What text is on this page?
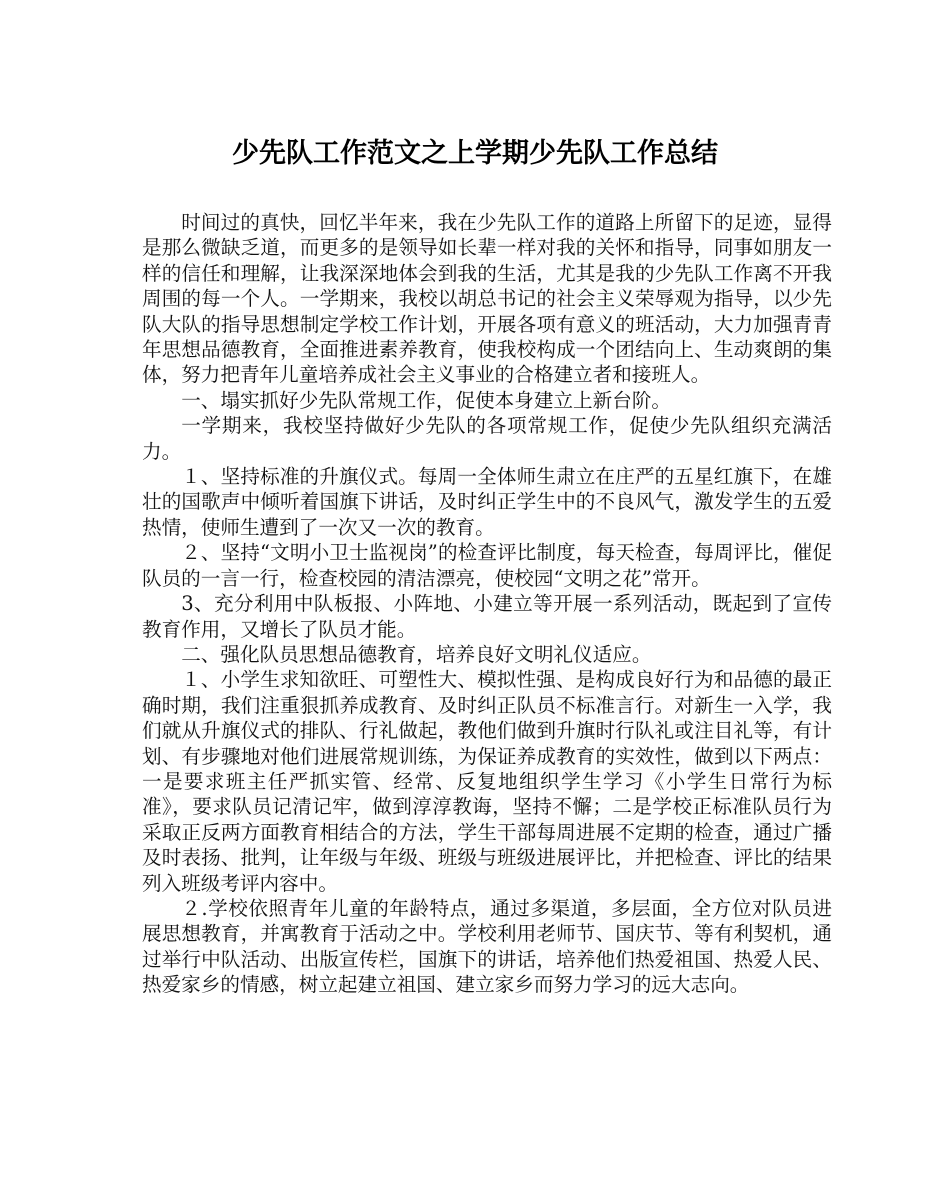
少先队工作范文之上学期少先队工作总结

时间过的真快，回忆半年来，我在少先队工作的道路上所留下的足迹，显得是那么微缺乏道，而更多的是领导如长辈一样对我的关怀和指导，同事如朋友一样的信任和理解，让我深深地体会到我的生活，尤其是我的少先队工作离不开我周围的每一个人。一学期来，我校以胡总书记的社会主义荣辱观为指导，以少先队大队的指导思想制定学校工作计划，开展各项有意义的班活动，大力加强青青年思想品德教育，全面推进素养教育，使我校构成一个团结向上、生动爽朗的集体，努力把青年儿童培养成社会主义事业的合格建立者和接班人。

一、塌实抓好少先队常规工作，促使本身建立上新台阶。

一学期来，我校坚持做好少先队的各项常规工作，促使少先队组织充满活力。

１、坚持标准的升旗仪式。每周一全体师生肃立在庄严的五星红旗下，在雄壮的国歌声中倾听着国旗下讲话，及时纠正学生中的不良风气，激发学生的五爱热情，使师生遭到了一次又一次的教育。

２、坚持“文明小卫士监视岗”的检查评比制度，每天检查，每周评比，催促队员的一言一行，检查校园的清洁漂亮，使校园“文明之花”常开。

3、充分利用中队板报、小阵地、小建立等开展一系列活动，既起到了宣传教育作用，又增长了队员才能。

二、强化队员思想品德教育，培养良好文明礼仪适应。

１、小学生求知欲旺、可塑性大、模拟性强、是构成良好行为和品德的最正确时期，我们注重狠抓养成教育、及时纠正队员不标准言行。对新生一入学，我们就从升旗仪式的排队、行礼做起，教他们做到升旗时行队礼或注目礼等，有计划、有步骤地对他们进展常规训练，为保证养成教育的实效性，做到以下两点：一是要求班主任严抓实管、经常、反复地组织学生学习《小学生日常行为标准》，要求队员记清记牢，做到淳淳教诲，坚持不懈；二是学校正标准队员行为采取正反两方面教育相结合的方法，学生干部每周进展不定期的检查，通过广播及时表扬、批判，让年级与年级、班级与班级进展评比，并把检查、评比的结果列入班级考评内容中。

２.学校依照青年儿童的年龄特点，通过多渠道，多层面，全方位对队员进展思想教育，并寓教育于活动之中。学校利用老师节、国庆节、等有利契机，通过举行中队活动、出版宣传栏，国旗下的讲话，培养他们热爱祖国、热爱人民、热爱家乡的情感，树立起建立祖国、建立家乡而努力学习的远大志向。
